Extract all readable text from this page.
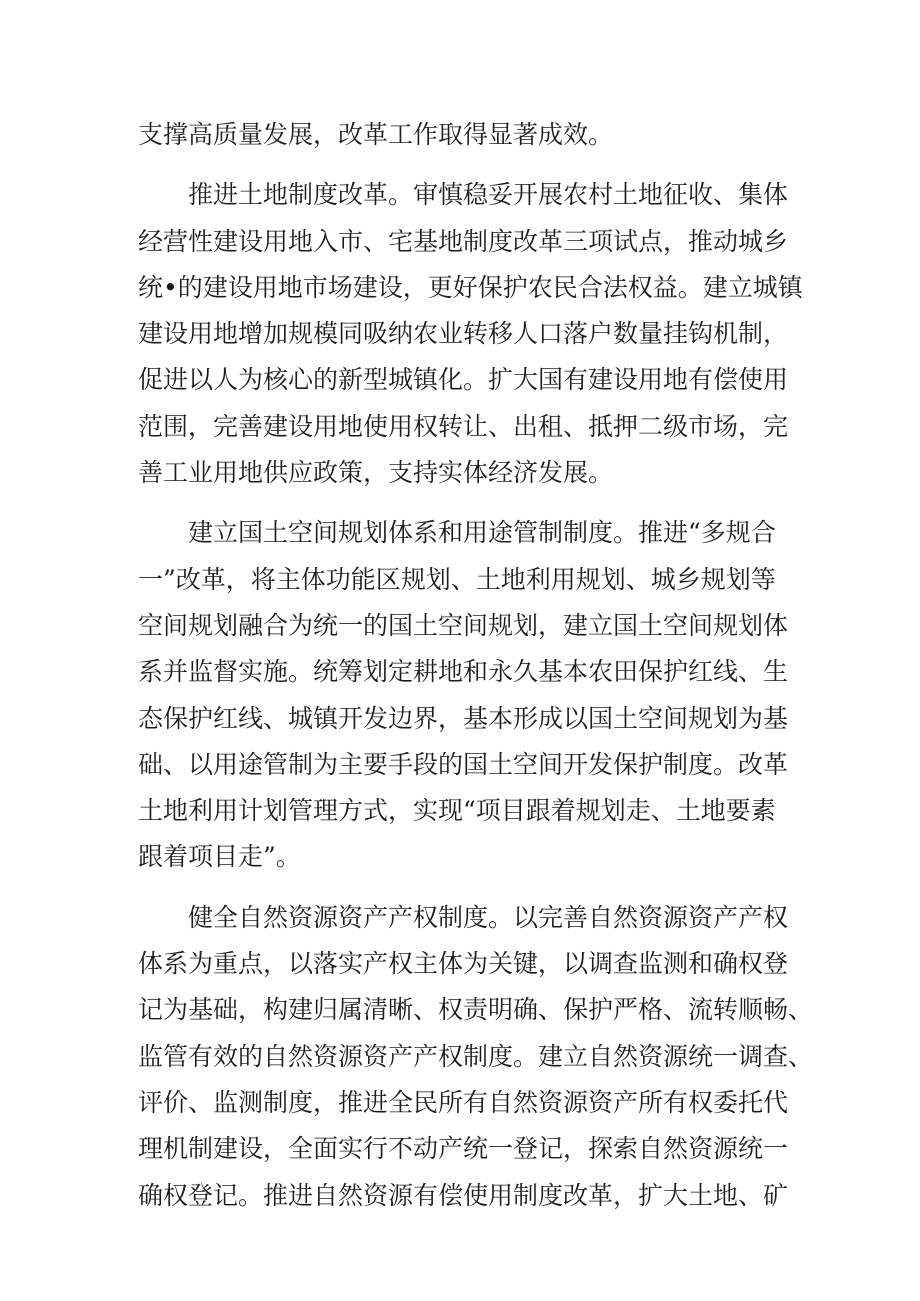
支撑高质量发展，改革工作取得显著成效。
推进土地制度改革。审慎稳妥开展农村土地征收、集体
经营性建设用地入市、宅基地制度改革三项试点，推动城乡
统•的建设用地市场建设，更好保护农民合法权益。建立城镇
建设用地增加规模同吸纳农业转移人口落户数量挂钩机制，
促进以人为核心的新型城镇化。扩大国有建设用地有偿使用
范围，完善建设用地使用权转让、出租、抵押二级市场，完
善工业用地供应政策，支持实体经济发展。
建立国土空间规划体系和用途管制制度。推进“多规合
一”改革，将主体功能区规划、土地利用规划、城乡规划等
空间规划融合为统一的国土空间规划，建立国土空间规划体
系并监督实施。统筹划定耕地和永久基本农田保护红线、生
态保护红线、城镇开发边界，基本形成以国土空间规划为基
础、以用途管制为主要手段的国土空间开发保护制度。改革
土地利用计划管理方式，实现“项目跟着规划走、土地要素
跟着项目走”。
健全自然资源资产产权制度。以完善自然资源资产产权
体系为重点，以落实产权主体为关键，以调查监测和确权登
记为基础，构建归属清晰、权责明确、保护严格、流转顺畅、
监管有效的自然资源资产产权制度。建立自然资源统一调查、
评价、监测制度，推进全民所有自然资源资产所有权委托代
理机制建设，全面实行不动产统一登记，探索自然资源统一
确权登记。推进自然资源有偿使用制度改革，扩大土地、矿
